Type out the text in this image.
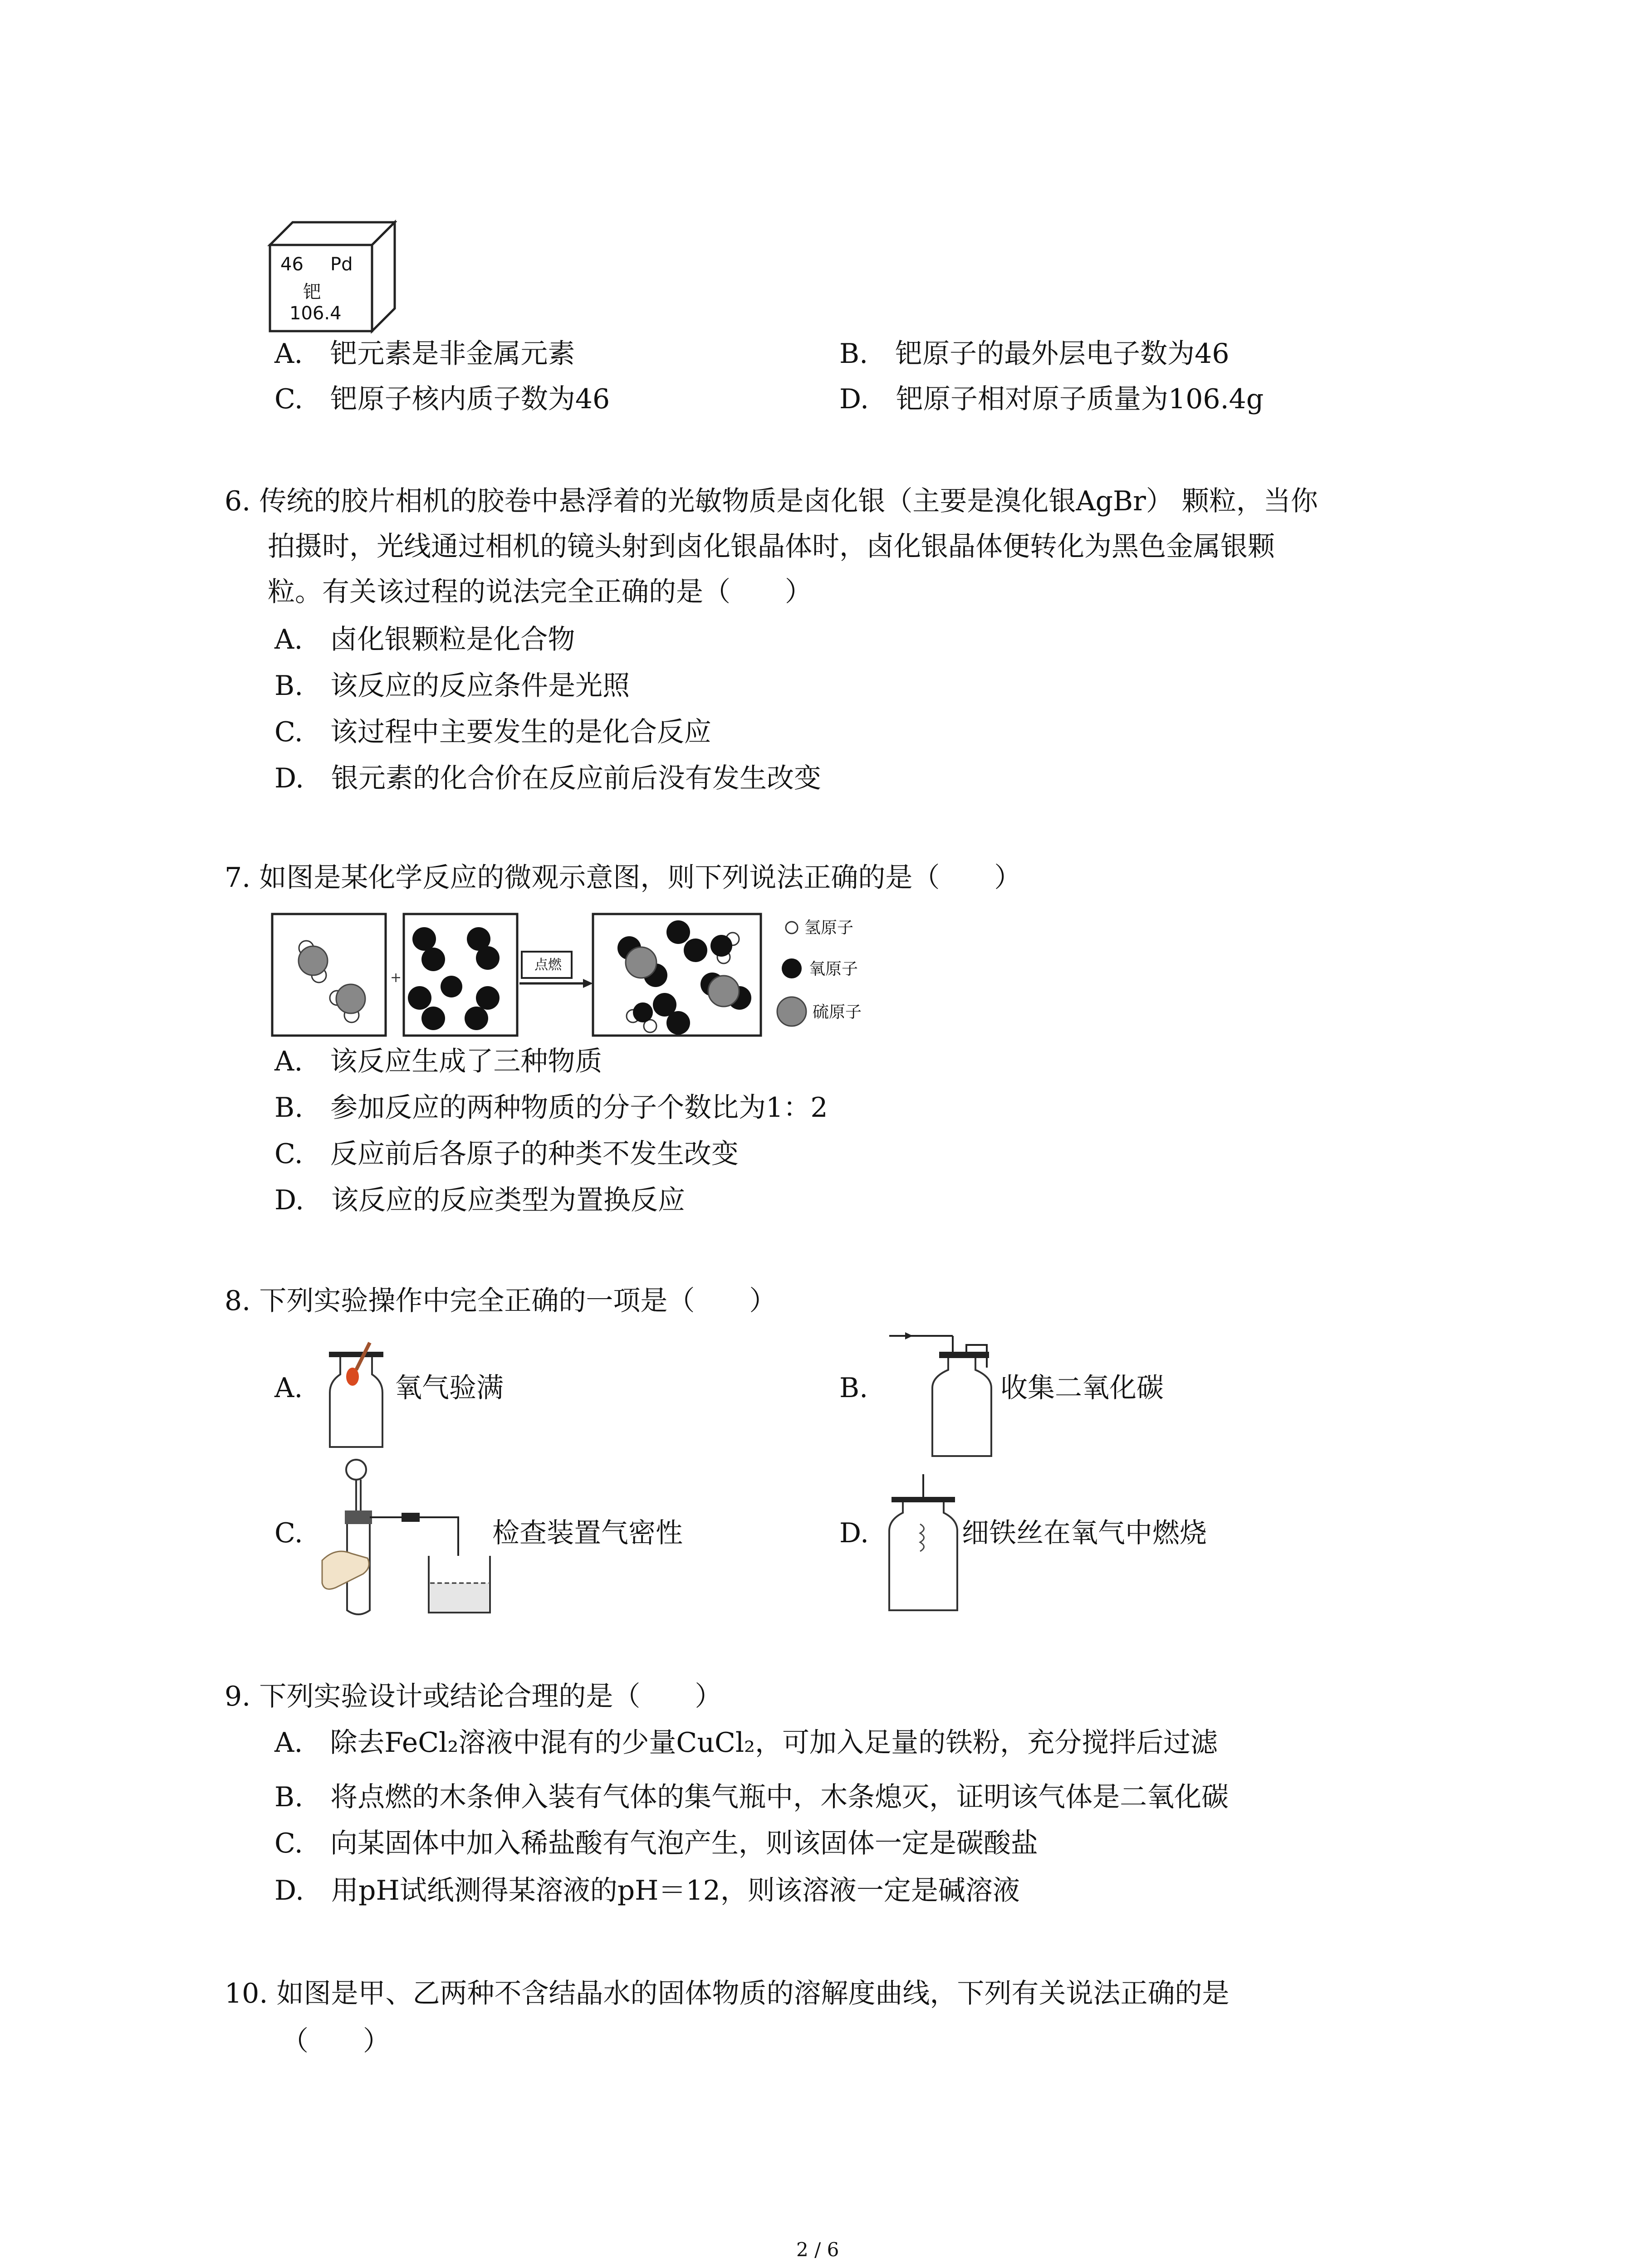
46 Pd
钯
106.4
A.　 钯元素是非金属元素	B.　 钯原子的最外层电子数为46
C.　 钯原子核内质子数为46	D.　 钯原子相对原子质量为106.4g
6. 传统的胶片相机的胶卷中悬浮着的光敏物质是卤化银（主要是溴化银AgBr） 颗粒，当你
拍摄时，光线通过相机的镜头射到卤化银晶体时，卤化银晶体便转化为黑色金属银颗
粒。有关该过程的说法完全正确的是（　　）
A.　 卤化银颗粒是化合物
B.　 该反应的反应条件是光照
C.　 该过程中主要发生的是化合反应
D.　 银元素的化合价在反应前后没有发生改变
7. 如图是某化学反应的微观示意图，则下列说法正确的是（　　）
+
点燃
氢原子
氧原子
硫原子
A.　 该反应生成了三种物质
B.　 参加反应的两种物质的分子个数比为1：2
C.　 反应前后各原子的种类不发生改变
D.　 该反应的反应类型为置换反应
8. 下列实验操作中完全正确的一项是（　　）
A.	氧气验满	B.	收集二氧化碳
C.	检查装置气密性	D.	细铁丝在氧气中燃烧
9. 下列实验设计或结论合理的是（　　）
A.　 除去FeCl₂溶液中混有的少量CuCl₂，可加入足量的铁粉，充分搅拌后过滤
B.　 将点燃的木条伸入装有气体的集气瓶中，木条熄灭，证明该气体是二氧化碳
C.　 向某固体中加入稀盐酸有气泡产生，则该固体一定是碳酸盐
D.　 用pH试纸测得某溶液的pH＝12，则该溶液一定是碱溶液
10. 如图是甲、乙两种不含结晶水的固体物质的溶解度曲线，下列有关说法正确的是
（　　）
2 / 6
